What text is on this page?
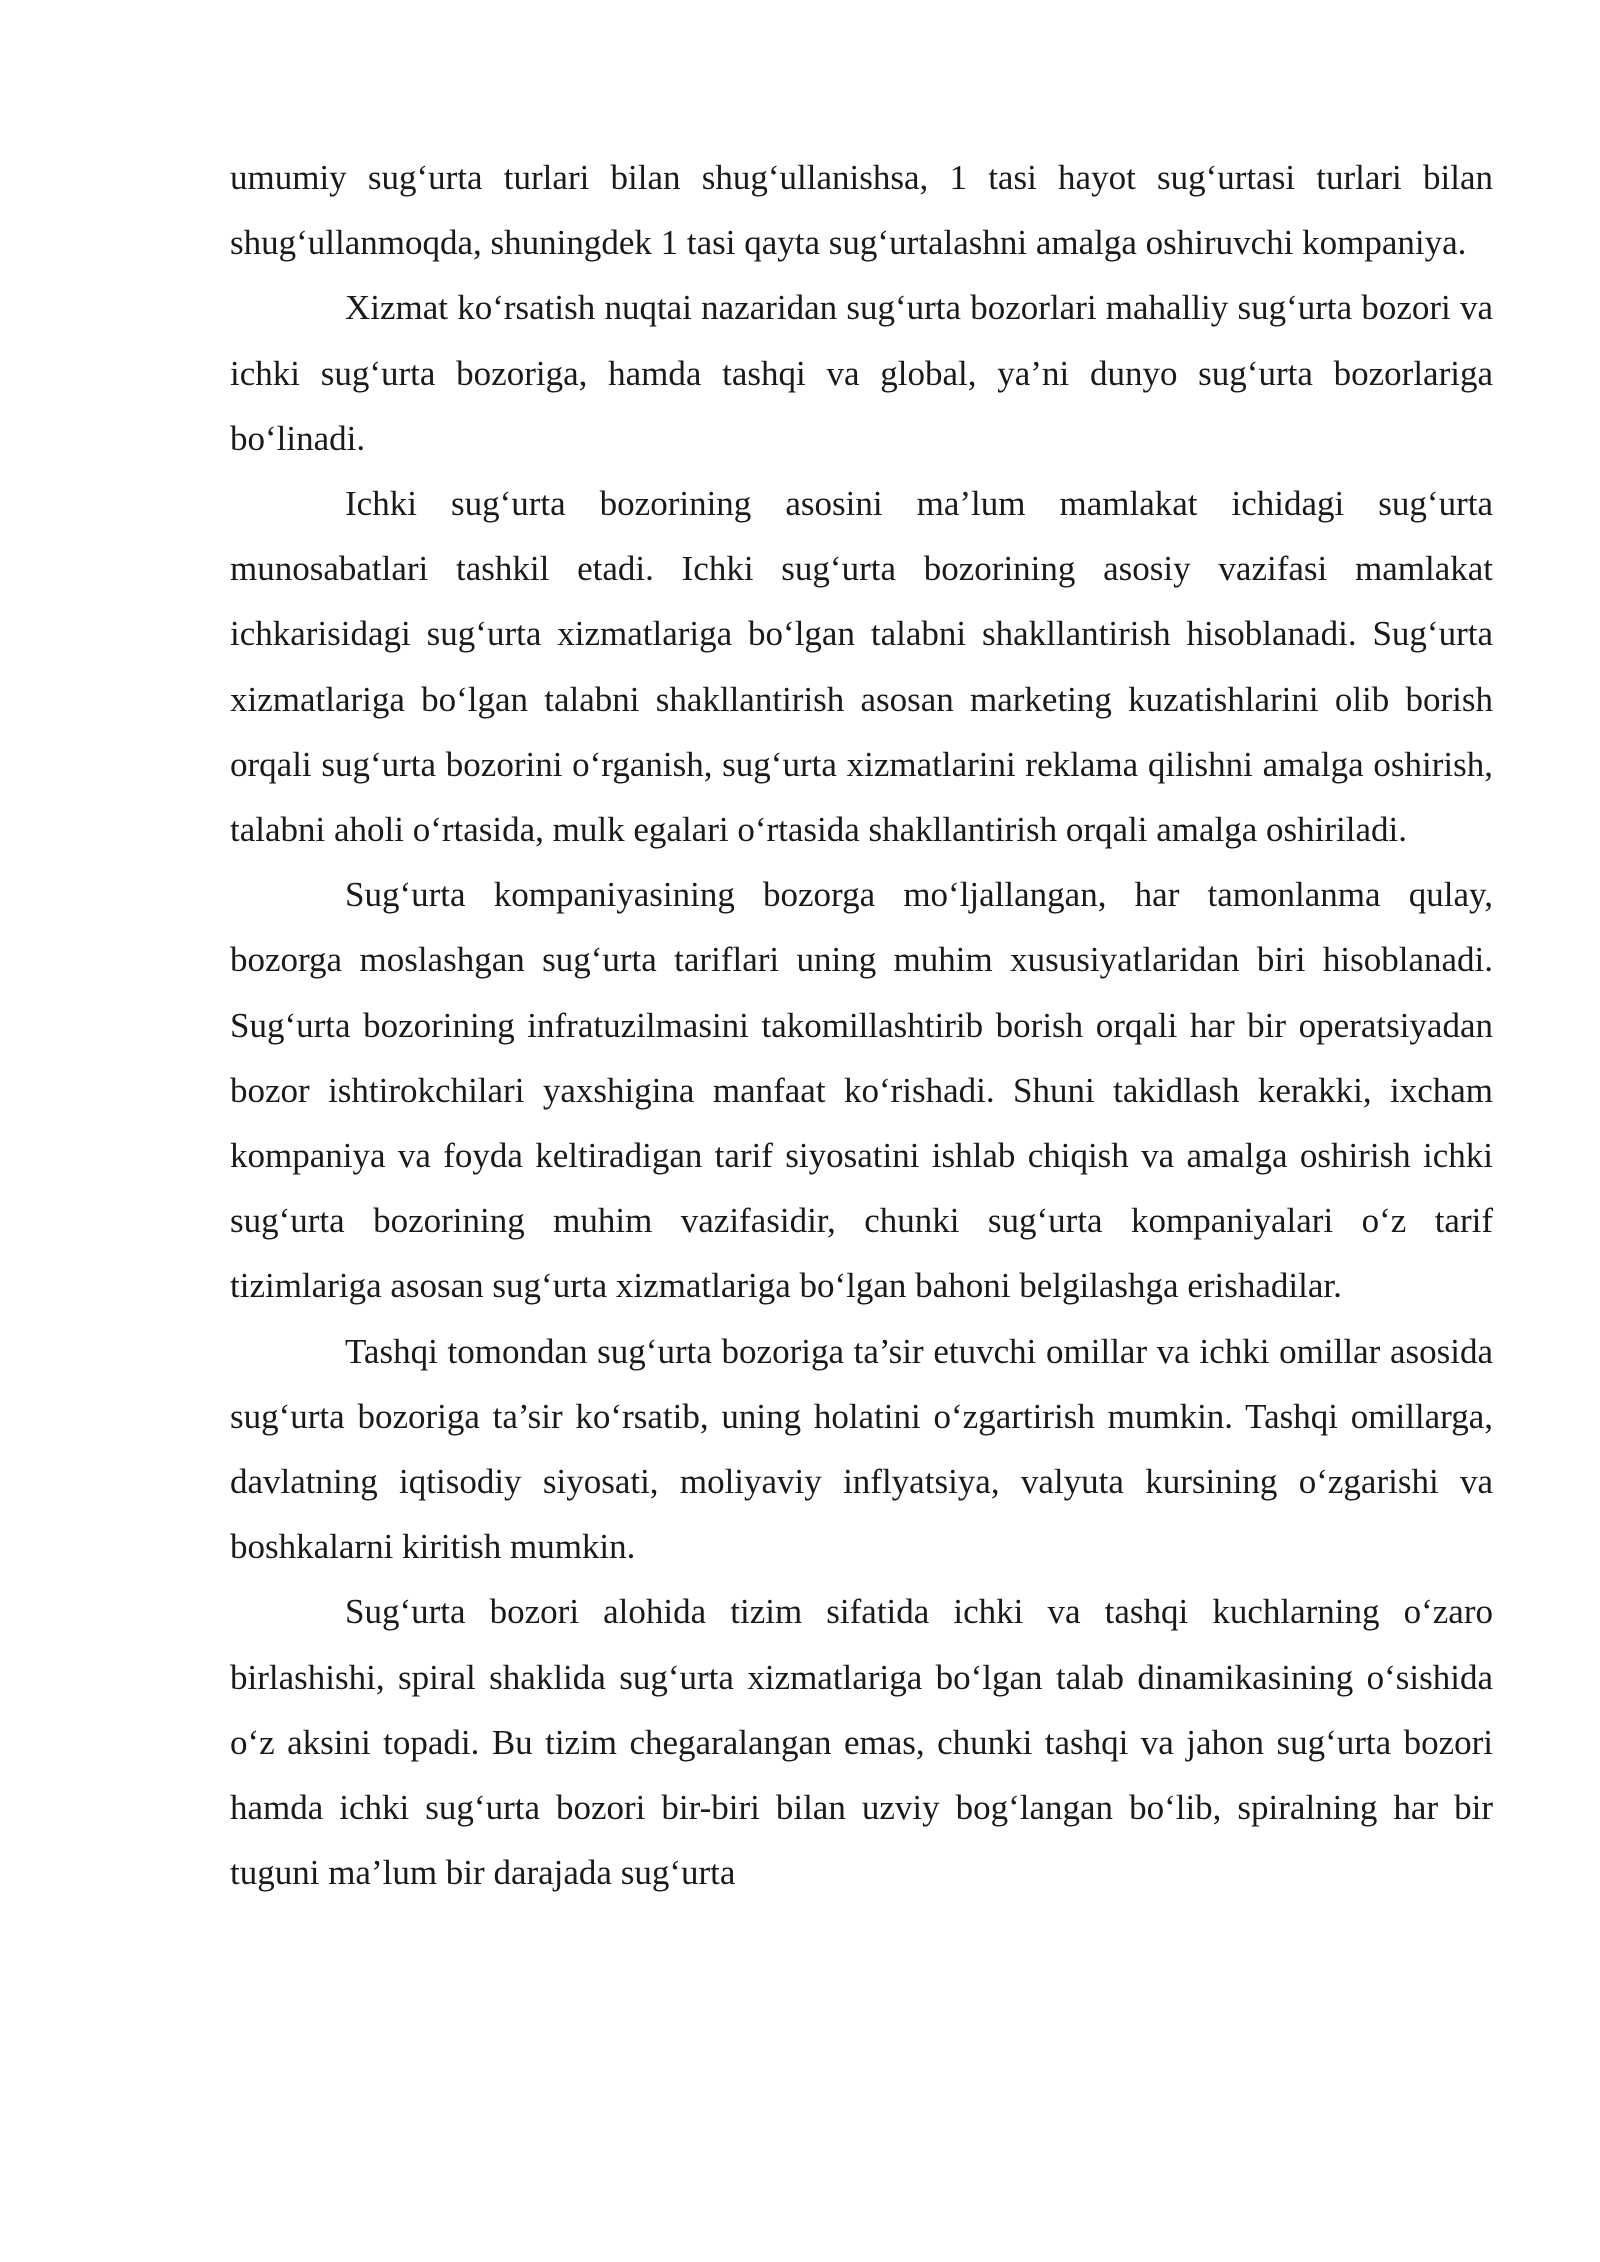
umumiy sug‘urta turlari bilan shug‘ullanishsa, 1 tasi hayot sug‘urtasi turlari bilan shug‘ullanmoqda, shuningdek 1 tasi qayta sug‘urtalashni amalga oshiruvchi kompaniya.

Xizmat ko‘rsatish nuqtai nazaridan sug‘urta bozorlari mahalliy sug‘urta bozori va ichki sug‘urta bozoriga, hamda tashqi va global, ya’ni dunyo sug‘urta bozorlariga bo‘linadi.

Ichki sug‘urta bozorining asosini ma’lum mamlakat ichidagi sug‘urta munosabatlari tashkil etadi. Ichki sug‘urta bozorining asosiy vazifasi mamlakat ichkarisidagi sug‘urta xizmatlariga bo‘lgan talabni shakllantirish hisoblanadi. Sug‘urta xizmatlariga bo‘lgan talabni shakllantirish asosan marketing kuzatishlarini olib borish orqali sug‘urta bozorini o‘rganish, sug‘urta xizmatlarini reklama qilishni amalga oshirish, talabni aholi o‘rtasida, mulk egalari o‘rtasida shakllantirish orqali amalga oshiriladi.

Sug‘urta kompaniyasining bozorga mo‘ljallangan, har tamonlanma qulay, bozorga moslashgan sug‘urta tariflari uning muhim xususiyatlaridan biri hisoblanadi. Sug‘urta bozorining infratuzilmasini takomillashtirib borish orqali har bir operatsiyadan bozor ishtirokchilari yaxshigina manfaat ko‘rishadi. Shuni takidlash kerakki, ixcham kompaniya va foyda keltiradigan tarif siyosatini ishlab chiqish va amalga oshirish ichki sug‘urta bozorining muhim vazifasidir, chunki sug‘urta kompaniyalari o‘z tarif tizimlariga asosan sug‘urta xizmatlariga bo‘lgan bahoni belgilashga erishadilar.

Tashqi tomondan sug‘urta bozoriga ta’sir etuvchi omillar va ichki omillar asosida sug‘urta bozoriga ta’sir ko‘rsatib, uning holatini o‘zgartirish mumkin. Tashqi omillarga, davlatning iqtisodiy siyosati, moliyaviy inflyatsiya, valyuta kursining o‘zgarishi va boshkalarni kiritish mumkin.

Sug‘urta bozori alohida tizim sifatida ichki va tashqi kuchlarning o‘zaro birlashishi, spiral shaklida sug‘urta xizmatlariga bo‘lgan talab dinamikasining o‘sishida o‘z aksini topadi. Bu tizim chegaralangan emas, chunki tashqi va jahon sug‘urta bozori hamda ichki sug‘urta bozori bir-biri bilan uzviy bog‘langan bo‘lib, spiralning har bir tuguni ma’lum bir darajada sug‘urta
